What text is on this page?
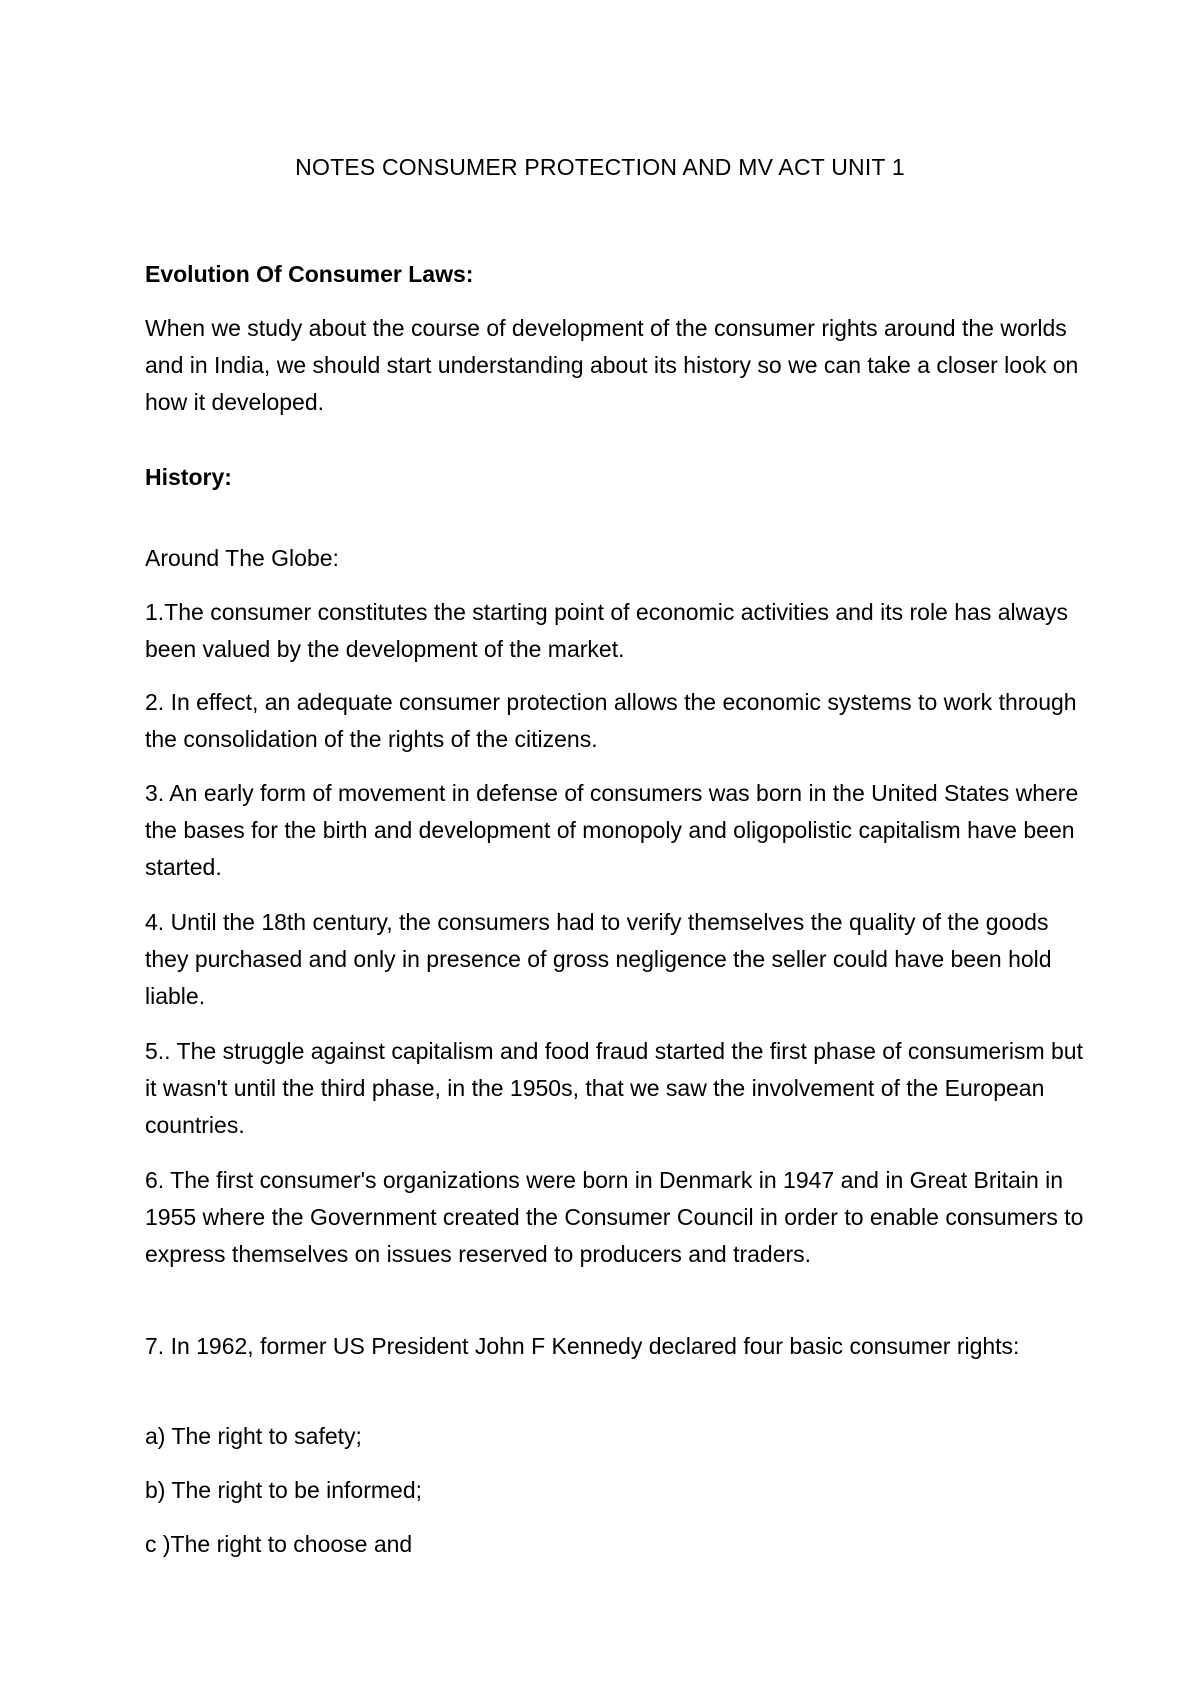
NOTES CONSUMER PROTECTION AND MV ACT UNIT 1
Evolution Of Consumer Laws:
When we study about the course of development of the consumer rights around the worlds and in India, we should start understanding about its history so we can take a closer look on how it developed.
History:
Around The Globe:
1.The consumer constitutes the starting point of economic activities and its role has always been valued by the development of the market.
2. In effect, an adequate consumer protection allows the economic systems to work through the consolidation of the rights of the citizens.
3. An early form of movement in defense of consumers was born in the United States where the bases for the birth and development of monopoly and oligopolistic capitalism have been started.
4. Until the 18th century, the consumers had to verify themselves the quality of the goods they purchased and only in presence of gross negligence the seller could have been hold liable.
5.. The struggle against capitalism and food fraud started the first phase of consumerism but it wasn't until the third phase, in the 1950s, that we saw the involvement of the European countries.
6. The first consumer's organizations were born in Denmark in 1947 and in Great Britain in 1955 where the Government created the Consumer Council in order to enable consumers to express themselves on issues reserved to producers and traders.
7. In 1962, former US President John F Kennedy declared four basic consumer rights:
a) The right to safety;
b) The right to be informed;
c )The right to choose and
